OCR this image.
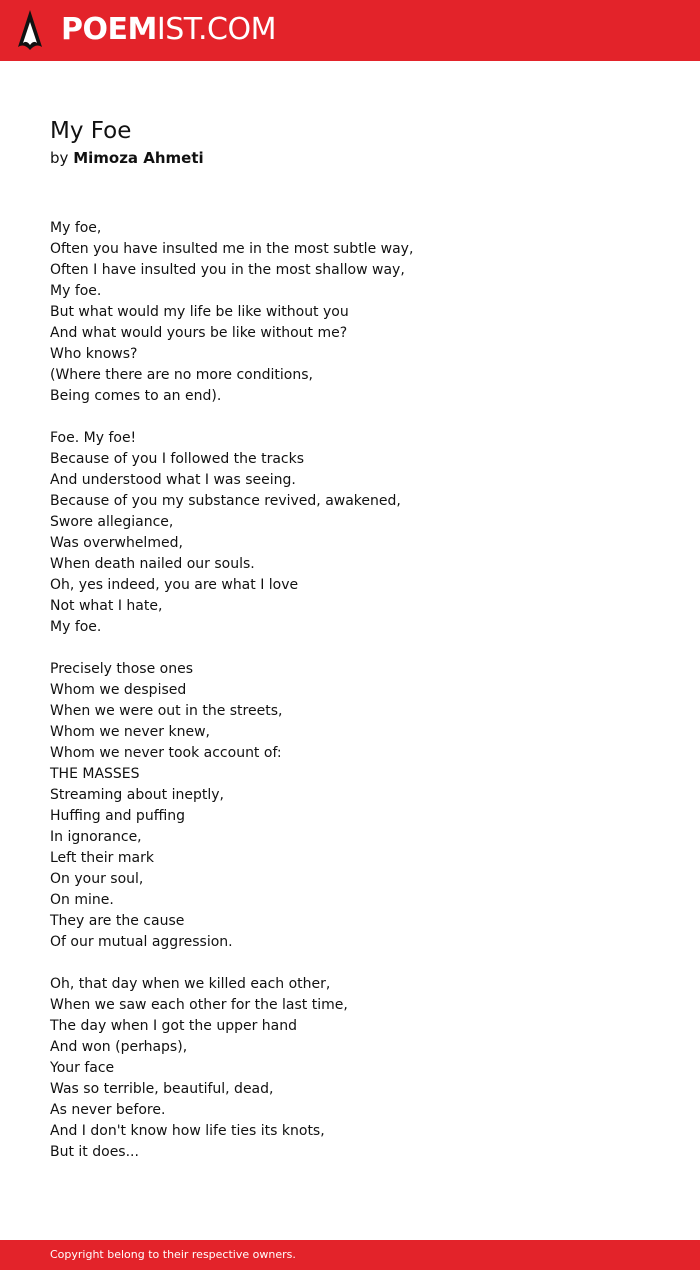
POEMIST.COM
My Foe
by Mimoza Ahmeti
My foe,
Often you have insulted me in the most subtle way,
Often I have insulted you in the most shallow way,
My foe.
But what would my life be like without you
And what would yours be like without me?
Who knows?
(Where there are no more conditions,
Being comes to an end).
Foe. My foe!
Because of you I followed the tracks
And understood what I was seeing.
Because of you my substance revived, awakened,
Swore allegiance,
Was overwhelmed,
When death nailed our souls.
Oh, yes indeed, you are what I love
Not what I hate,
My foe.
Precisely those ones
Whom we despised
When we were out in the streets,
Whom we never knew,
Whom we never took account of:
THE MASSES
Streaming about ineptly,
Huffing and puffing
In ignorance,
Left their mark
On your soul,
On mine.
They are the cause
Of our mutual aggression.
Oh, that day when we killed each other,
When we saw each other for the last time,
The day when I got the upper hand
And won (perhaps),
Your face
Was so terrible, beautiful, dead,
As never before.
And I don't know how life ties its knots,
But it does...
Copyright belong to their respective owners.
